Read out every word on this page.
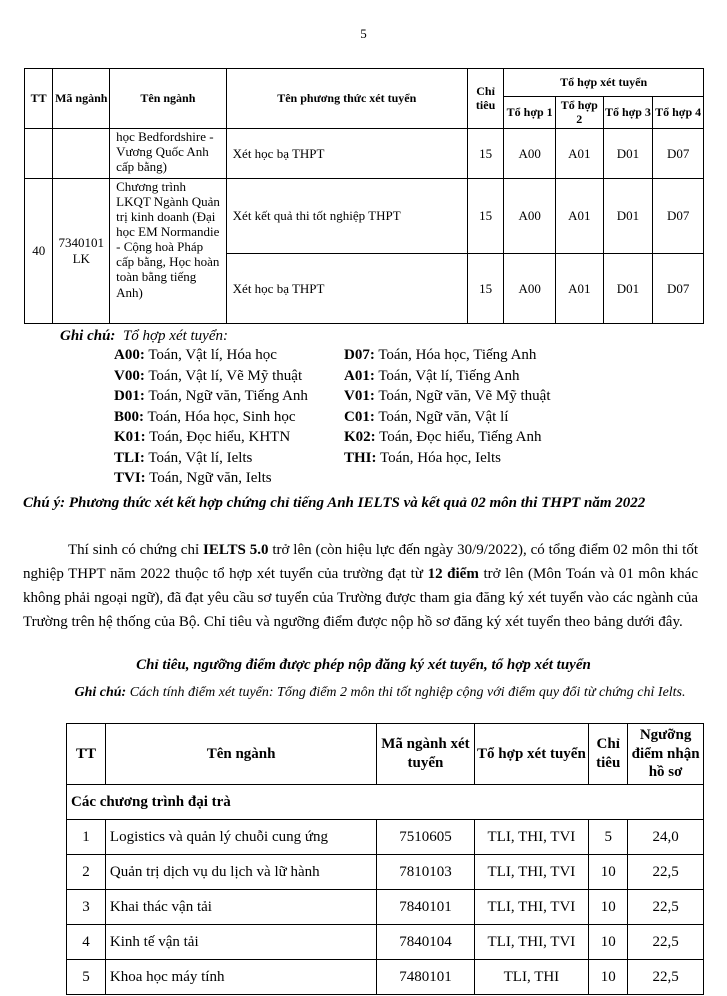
5
TT	Mã ngành	Tên ngành	Tên phương thức xét tuyển	Chỉ tiêu	Tổ hợp xét tuyển			
					Tổ hợp 1	Tổ hợp 2	Tổ hợp 3	Tổ hợp 4
		học Bedfordshire - Vương Quốc Anh cấp bằng)	Xét học bạ THPT	15	A00	A01	D01	D07
40	7340101 LK	Chương trình LKQT Ngành Quản trị kinh doanh (Đại học EM Normandie - Cộng hoà Pháp cấp bằng, Học hoàn toàn bằng tiếng Anh)	Xét kết quả thi tốt nghiệp THPT	15	A00	A01	D01	D07
			Xét học bạ THPT	15	A00	A01	D01	D07
Ghi chú: Tổ hợp xét tuyển:
A00: Toán, Vật lí, Hóa học	D07: Toán, Hóa học, Tiếng Anh
V00: Toán, Vật lí, Vẽ Mỹ thuật	A01: Toán, Vật lí, Tiếng Anh
D01: Toán, Ngữ văn, Tiếng Anh V01: Toán, Ngữ văn, Vẽ Mỹ thuật
B00: Toán, Hóa học, Sinh học	C01: Toán, Ngữ văn, Vật lí
K01: Toán, Đọc hiểu, KHTN	K02: Toán, Đọc hiểu, Tiếng Anh
TLI: Toán, Vật lí, Ielts	THI: Toán, Hóa học, Ielts
TVI: Toán, Ngữ văn, Ielts
Chú ý: Phương thức xét kết hợp chứng chỉ tiếng Anh IELTS và kết quả 02 môn thi THPT năm 2022
Thí sinh có chứng chỉ IELTS 5.0 trở lên (còn hiệu lực đến ngày 30/9/2022), có tổng điểm 02 môn thi tốt nghiệp THPT năm 2022 thuộc tổ hợp xét tuyển của trường đạt từ 12 điểm trở lên (Môn Toán và 01 môn khác không phải ngoại ngữ), đã đạt yêu cầu sơ tuyển của Trường được tham gia đăng ký xét tuyển vào các ngành của Trường trên hệ thống của Bộ. Chỉ tiêu và ngưỡng điểm được nộp hồ sơ đăng ký xét tuyển theo bảng dưới đây.
Chỉ tiêu, ngưỡng điểm được phép nộp đăng ký xét tuyển, tổ hợp xét tuyển
Ghi chú: Cách tính điểm xét tuyển: Tổng điểm 2 môn thi tốt nghiệp cộng với điểm quy đổi từ chứng chỉ Ielts.
TT	Tên ngành	Mã ngành xét tuyển	Tổ hợp xét tuyển	Chỉ tiêu	Ngưỡng điểm nhận hồ sơ
Các chương trình đại trà					
1	Logistics và quản lý chuỗi cung ứng	7510605	TLI, THI, TVI	5	24,0
2	Quản trị dịch vụ du lịch và lữ hành	7810103	TLI, THI, TVI	10	22,5
3	Khai thác vận tải	7840101	TLI, THI, TVI	10	22,5
4	Kinh tế vận tải	7840104	TLI, THI, TVI	10	22,5
5	Khoa học máy tính	7480101	TLI, THI	10	22,5
